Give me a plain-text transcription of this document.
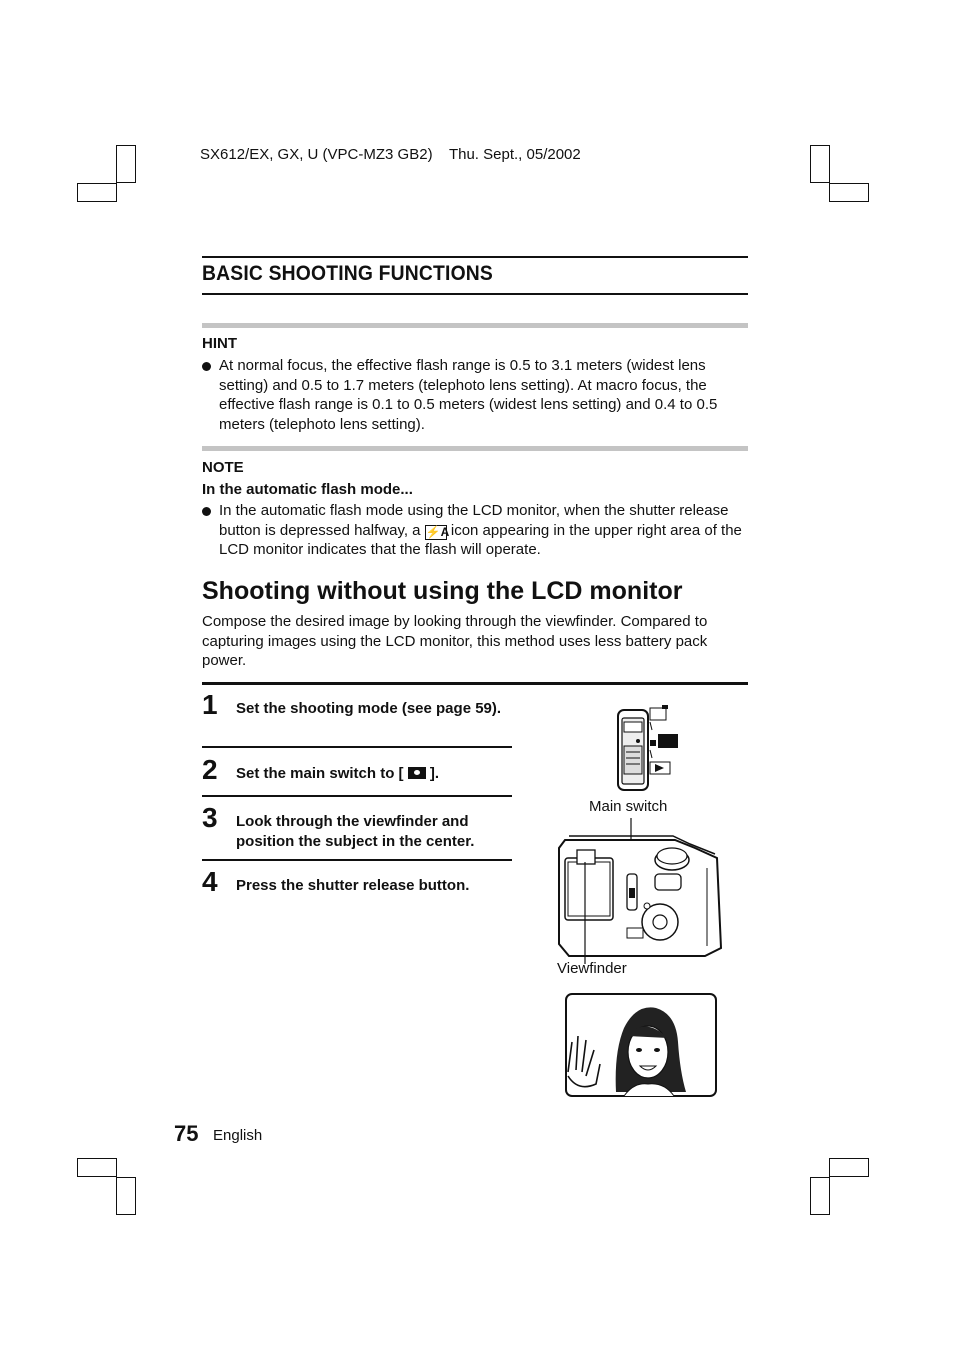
SX612/EX, GX, U (VPC-MZ3 GB2)    Thu. Sept., 05/2002
BASIC SHOOTING FUNCTIONS
HINT
At normal focus, the effective flash range is 0.5 to 3.1 meters (widest lens setting) and 0.5 to 1.7 meters (telephoto lens setting). At macro focus, the effective flash range is 0.1 to 0.5 meters (widest lens setting) and 0.4 to 0.5 meters (telephoto lens setting).
NOTE
In the automatic flash mode...
In the automatic flash mode using the LCD monitor, when the shutter release button is depressed halfway, a ⚡A icon appearing in the upper right area of the LCD monitor indicates that the flash will operate.
Shooting without using the LCD monitor
Compose the desired image by looking through the viewfinder. Compared to capturing images using the LCD monitor, this method uses less battery pack power.
1 Set the shooting mode (see page 59).
2 Set the main switch to [ ].
3 Look through the viewfinder and position the subject in the center.
4 Press the shutter release button.
Main switch
Viewfinder
75 English
